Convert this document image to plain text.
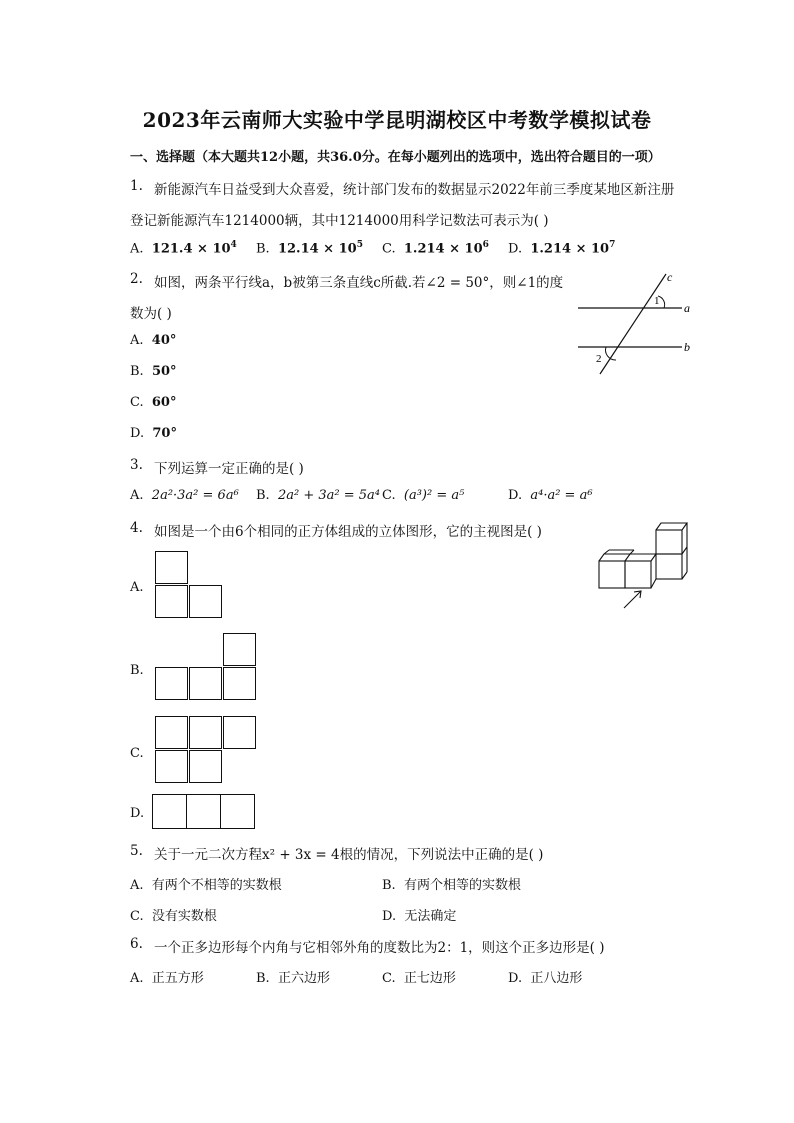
2023年云南师大实验中学昆明湖校区中考数学模拟试卷
一、选择题（本大题共12小题，共36.0分。在每小题列出的选项中，选出符合题目的一项）
1. 新能源汽车日益受到大众喜爱，统计部门发布的数据显示2022年前三季度某地区新注册
登记新能源汽车1214000辆，其中1214000用科学记数法可表示为( )
A. $121.4 \times 10^4$ B. $12.14 \times 10^5$ C. $1.214 \times 10^6$ D. $1.214 \times 10^7$
2. 如图，两条平行线a，b被第三条直线c所截.若∠2 = 50°，则∠1的度
数为( )
A. 40°
B. 50°
C. 60°
D. 70°
c
a
b
1
2
3. 下列运算一定正确的是( )
A. 2a²·3a² = 6a⁶ B. 2a² + 3a² = 5a⁴ C. (a³)² = a⁵	D. a⁴·a² = a⁶
4. 如图是一个由6个相同的正方体组成的立体图形，它的主视图是( )
A.
B.
C.
D.
5. 关于一元二次方程x² + 3x = 4根的情况，下列说法中正确的是( )
A. 有两个不相等的实数根	B. 有两个相等的实数根
C. 没有实数根	D. 无法确定
6. 一个正多边形每个内角与它相邻外角的度数比为2：1，则这个正多边形是( )
A. 正五方形	B. 正六边形	C. 正七边形	D. 正八边形
